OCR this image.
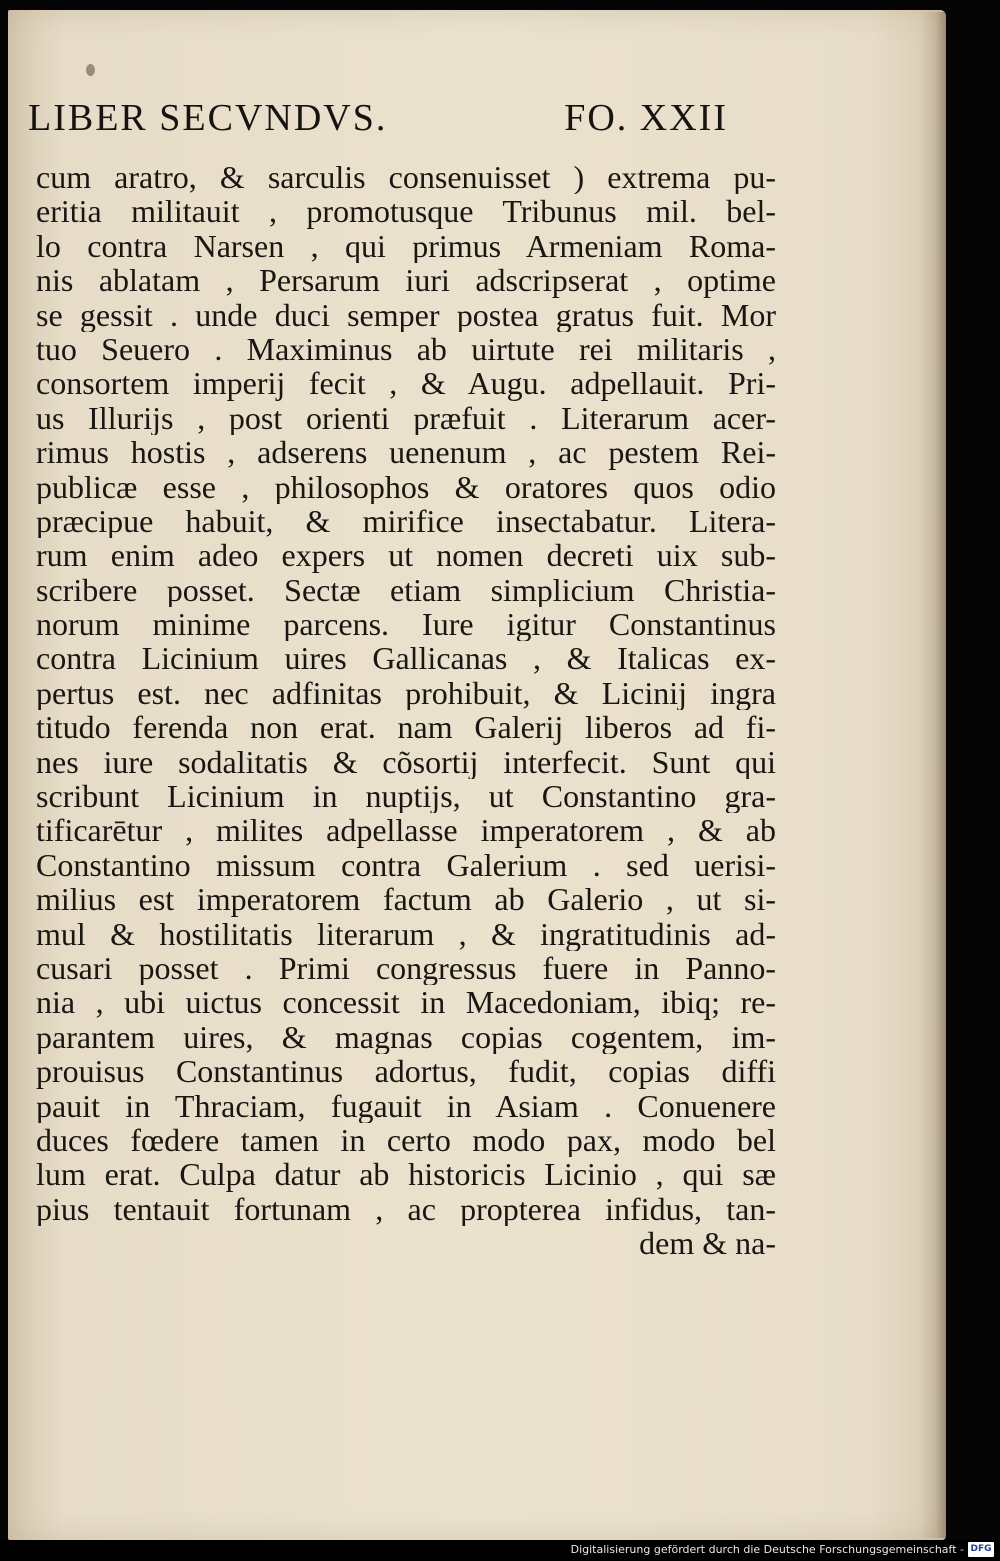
LIBER SECVNDVS.	FO. XXII
cum aratro, & sarculis consenuisset ) extrema pu-
eritia militauit , promotusque Tribunus mil. bel-
lo contra Narsen , qui primus Armeniam Roma-
nis ablatam , Persarum iuri adscripserat , optime
se gessit . unde duci semper postea gratus fuit. Mor
tuo Seuero . Maximinus ab uirtute rei militaris ,
consortem imperij fecit , & Augu. adpellauit. Pri-
us Illurijs , post orienti præfuit . Literarum acer-
rimus hostis , adserens uenenum , ac pestem Rei-
publicæ esse , philosophos & oratores quos odio
præcipue habuit, & mirifice insectabatur. Litera-
rum enim adeo expers ut nomen decreti uix sub-
scribere posset. Sectæ etiam simplicium Christia-
norum minime parcens. Iure igitur Constantinus
contra Licinium uires Gallicanas , & Italicas ex-
pertus est. nec adfinitas prohibuit, & Licinij ingra
titudo ferenda non erat. nam Galerij liberos ad fi-
nes iure sodalitatis & cõsortij interfecit. Sunt qui
scribunt Licinium in nuptijs, ut Constantino gra-
tificarētur , milites adpellasse imperatorem , & ab
Constantino missum contra Galerium . sed uerisi-
milius est imperatorem factum ab Galerio , ut si-
mul & hostilitatis literarum , & ingratitudinis ad-
cusari posset . Primi congressus fuere in Panno-
nia , ubi uictus concessit in Macedoniam, ibiq; re-
parantem uires, & magnas copias cogentem, im-
prouisus Constantinus adortus, fudit, copias diffi
pauit in Thraciam, fugauit in Asiam . Conuenere
duces fœdere tamen in certo modo pax, modo bel
lum erat. Culpa datur ab historicis Licinio , qui sæ
pius tentauit fortunam , ac propterea infidus, tan-
dem & na-
Digitalisierung gefördert durch die Deutsche Forschungsgemeinschaft - DFG
